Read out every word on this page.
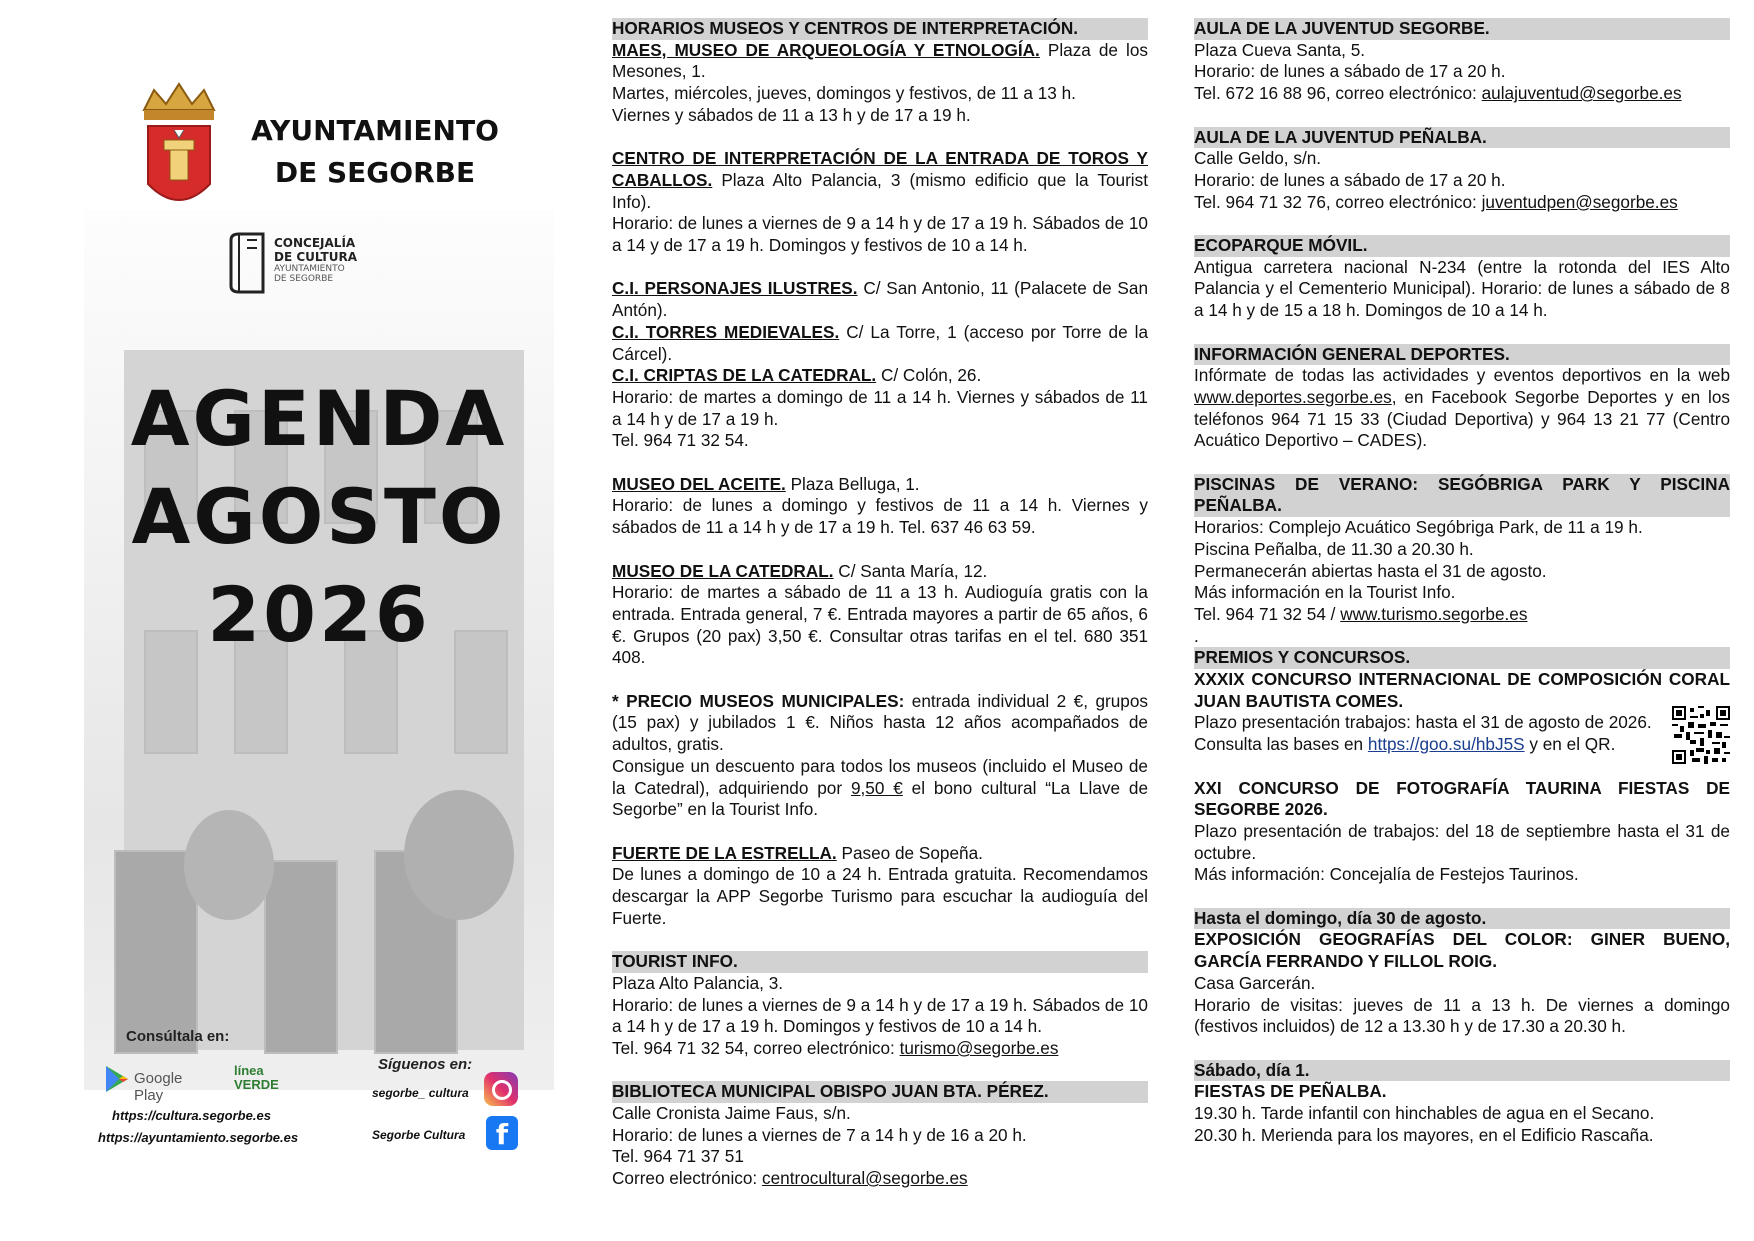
AYUNTAMIENTO
DE SEGORBE
CONCEJALÍA
DE CULTURA
AYUNTAMIENTO
DE SEGORBE
AGENDA
AGOSTO
2026
Consúltala en:
Google Play
línea VERDE
Síguenos en:
https://cultura.segorbe.es
https://ayuntamiento.segorbe.es
segorbe_ cultura
Segorbe Cultura	f

HORARIOS MUSEOS Y CENTROS DE INTERPRETACIÓN.

MAES, MUSEO DE ARQUEOLOGÍA Y ETNOLOGÍA. Plaza de los Mesones, 1.

Martes, miércoles, jueves, domingos y festivos, de 11 a 13 h.

Viernes y sábados de 11 a 13 h y de 17 a 19 h.

CENTRO DE INTERPRETACIÓN DE LA ENTRADA DE TOROS Y CABALLOS. Plaza Alto Palancia, 3 (mismo edificio que la Tourist Info).

Horario: de lunes a viernes de 9 a 14 h y de 17 a 19 h. Sábados de 10 a 14 y de 17 a 19 h. Domingos y festivos de 10 a 14 h.

C.I. PERSONAJES ILUSTRES. C/ San Antonio, 11 (Palacete de San Antón).

C.I. TORRES MEDIEVALES. C/ La Torre, 1 (acceso por Torre de la Cárcel).

C.I. CRIPTAS DE LA CATEDRAL. C/ Colón, 26.

Horario: de martes a domingo de 11 a 14 h. Viernes y sábados de 11 a 14 h y de 17 a 19 h.

Tel. 964 71 32 54.

MUSEO DEL ACEITE. Plaza Belluga, 1.

Horario: de lunes a domingo y festivos de 11 a 14 h. Viernes y sábados de 11 a 14 h y de 17 a 19 h. Tel. 637 46 63 59.

MUSEO DE LA CATEDRAL. C/ Santa María, 12.

Horario: de martes a sábado de 11 a 13 h. Audioguía gratis con la entrada. Entrada general, 7 €. Entrada mayores a partir de 65 años, 6 €. Grupos (20 pax) 3,50 €. Consultar otras tarifas en el tel. 680 351 408.

* PRECIO MUSEOS MUNICIPALES: entrada individual 2 €, grupos (15 pax) y jubilados 1 €. Niños hasta 12 años acompañados de adultos, gratis.

Consigue un descuento para todos los museos (incluido el Museo de la Catedral), adquiriendo por 9,50 € el bono cultural “La Llave de Segorbe” en la Tourist Info.

FUERTE DE LA ESTRELLA. Paseo de Sopeña.

De lunes a domingo de 10 a 24 h. Entrada gratuita. Recomendamos descargar la APP Segorbe Turismo para escuchar la audioguía del Fuerte.

TOURIST INFO.

Plaza Alto Palancia, 3.

Horario: de lunes a viernes de 9 a 14 h y de 17 a 19 h. Sábados de 10 a 14 h y de 17 a 19 h. Domingos y festivos de 10 a 14 h.

Tel. 964 71 32 54, correo electrónico: turismo@segorbe.es

BIBLIOTECA MUNICIPAL OBISPO JUAN BTA. PÉREZ.

Calle Cronista Jaime Faus, s/n.

Horario: de lunes a viernes de 7 a 14 h y de 16 a 20 h.

Tel. 964 71 37 51

Correo electrónico: centrocultural@segorbe.es

AULA DE LA JUVENTUD SEGORBE.

Plaza Cueva Santa, 5.

Horario: de lunes a sábado de 17 a 20 h.

Tel. 672 16 88 96, correo electrónico: aulajuventud@segorbe.es

AULA DE LA JUVENTUD PEÑALBA.

Calle Geldo, s/n.

Horario: de lunes a sábado de 17 a 20 h.

Tel. 964 71 32 76, correo electrónico: juventudpen@segorbe.es

ECOPARQUE MÓVIL.

Antigua carretera nacional N-234 (entre la rotonda del IES Alto Palancia y el Cementerio Municipal). Horario: de lunes a sábado de 8 a 14 h y de 15 a 18 h. Domingos de 10 a 14 h.

INFORMACIÓN GENERAL DEPORTES.

Infórmate de todas las actividades y eventos deportivos en la web www.deportes.segorbe.es, en Facebook Segorbe Deportes y en los teléfonos 964 71 15 33 (Ciudad Deportiva) y 964 13 21 77 (Centro Acuático Deportivo – CADES).

PISCINAS DE VERANO: SEGÓBRIGA PARK Y PISCINA PEÑALBA.

Horarios: Complejo Acuático Segóbriga Park, de 11 a 19 h.

Piscina Peñalba, de 11.30 a 20.30 h.

Permanecerán abiertas hasta el 31 de agosto.

Más información en la Tourist Info.

Tel. 964 71 32 54 / www.turismo.segorbe.es

.

PREMIOS Y CONCURSOS.

XXXIX CONCURSO INTERNACIONAL DE COMPOSICIÓN CORAL JUAN BAUTISTA COMES.

Plazo presentación trabajos: hasta el 31 de agosto de 2026.

Consulta las bases en https://goo.su/hbJ5S y en el QR.

XXI CONCURSO DE FOTOGRAFÍA TAURINA FIESTAS DE SEGORBE 2026.

Plazo presentación de trabajos: del 18 de septiembre hasta el 31 de octubre.

Más información: Concejalía de Festejos Taurinos.

Hasta el domingo, día 30 de agosto.

EXPOSICIÓN GEOGRAFÍAS DEL COLOR: GINER BUENO, GARCÍA FERRANDO Y FILLOL ROIG.

Casa Garcerán.

Horario de visitas: jueves de 11 a 13 h. De viernes a domingo (festivos incluidos) de 12 a 13.30 h y de 17.30 a 20.30 h.

Sábado, día 1.

FIESTAS DE PEÑALBA.

19.30 h. Tarde infantil con hinchables de agua en el Secano.

20.30 h. Merienda para los mayores, en el Edificio Rascaña.
